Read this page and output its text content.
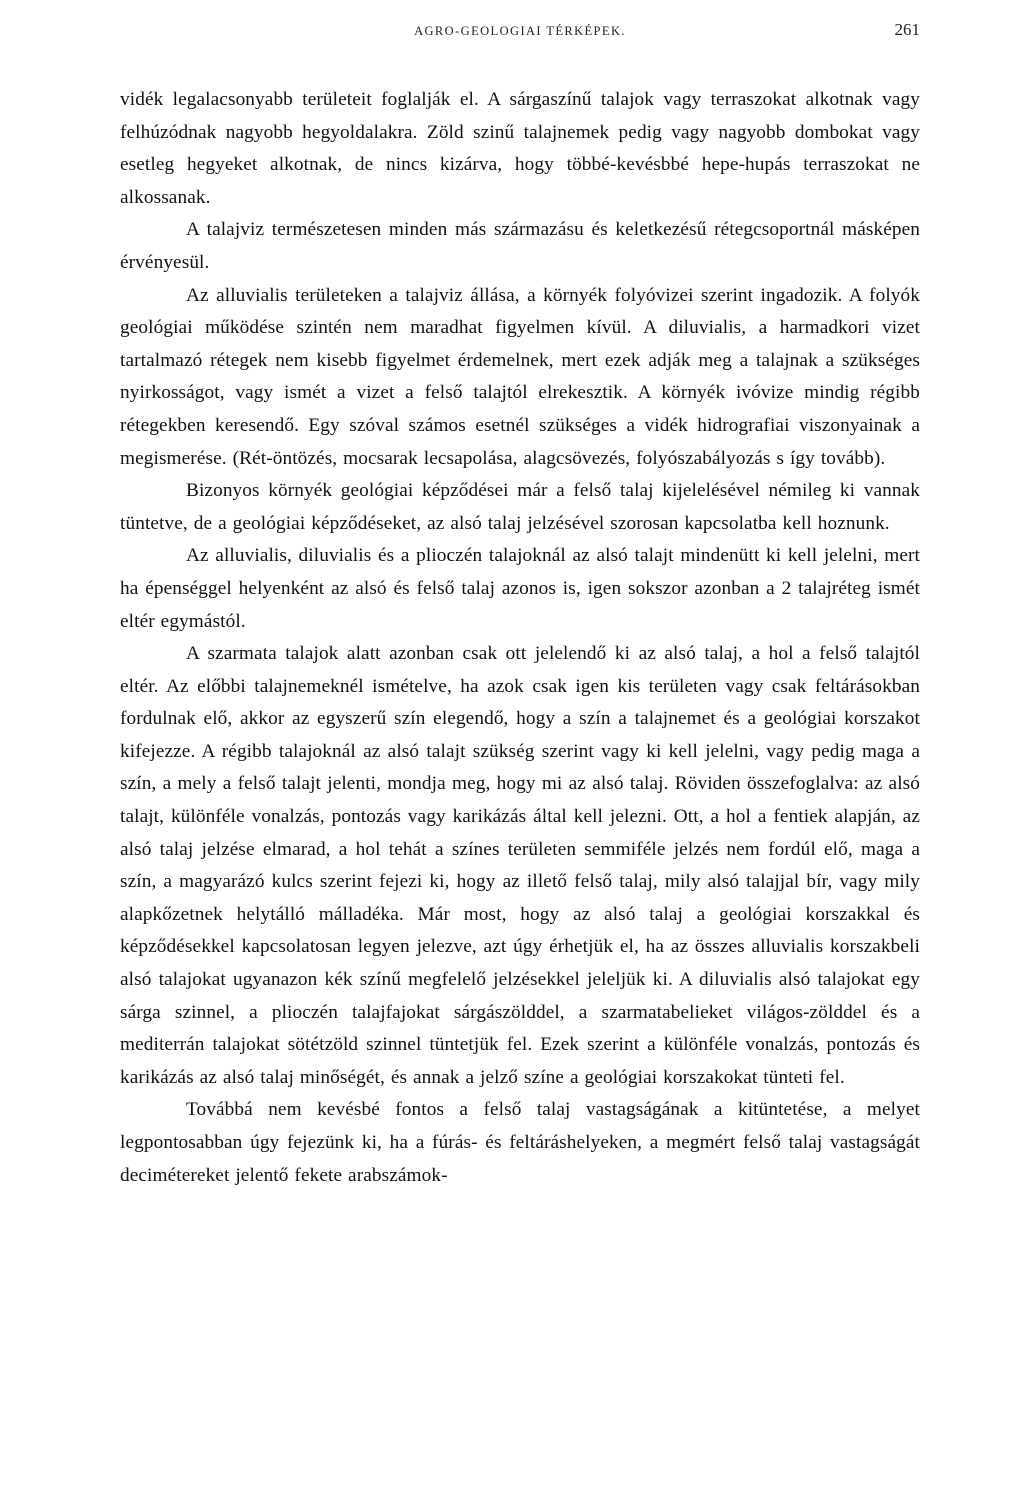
AGRO-GEOLOGIAI TÉRKÉPEK.	261

vidék legalacsonyabb területeit foglalják el. A sárgaszínű talajok vagy terraszokat alkotnak vagy felhúzódnak nagyobb hegyoldalakra. Zöld szinű talajnemek pedig vagy nagyobb dombokat vagy esetleg hegyeket alkotnak, de nincs kizárva, hogy többé-kevésbbé hepe-hupás terraszokat ne alkossanak.

A talajviz természetesen minden más származásu és keletkezésű rétegcsoportnál másképen érvényesül.

Az alluvialis területeken a talajviz állása, a környék folyóvizei szerint ingadozik. A folyók geológiai működése szintén nem maradhat figyelmen kívül. A diluvialis, a harmadkori vizet tartalmazó rétegek nem kisebb figyelmet érdemelnek, mert ezek adják meg a talajnak a szükséges nyirkosságot, vagy ismét a vizet a felső talajtól elrekesztik. A környék ivóvize mindig régibb rétegekben keresendő. Egy szóval számos esetnél szükséges a vidék hidrografiai viszonyainak a megismerése. (Rét-öntözés, mocsarak lecsapolása, alagcsövezés, folyószabályozás s így tovább).

Bizonyos környék geológiai képződései már a felső talaj kijelelésével némileg ki vannak tüntetve, de a geológiai képződéseket, az alsó talaj jelzésével szorosan kapcsolatba kell hoznunk.

Az alluvialis, diluvialis és a plioczén talajoknál az alsó talajt mindenütt ki kell jelelni, mert ha épenséggel helyenként az alsó és felső talaj azonos is, igen sokszor azonban a 2 talajréteg ismét eltér egymástól.

A szarmata talajok alatt azonban csak ott jelelendő ki az alsó talaj, a hol a felső talajtól eltér. Az előbbi talajnemeknél ismételve, ha azok csak igen kis területen vagy csak feltárásokban fordulnak elő, akkor az egyszerű szín elegendő, hogy a szín a talajnemet és a geológiai korszakot kifejezze. A régibb talajoknál az alsó talajt szükség szerint vagy ki kell jelelni, vagy pedig maga a szín, a mely a felső talajt jelenti, mondja meg, hogy mi az alsó talaj. Röviden összefoglalva: az alsó talajt, különféle vonalzás, pontozás vagy karikázás által kell jelezni. Ott, a hol a fentiek alapján, az alsó talaj jelzése elmarad, a hol tehát a színes területen semmiféle jelzés nem fordúl elő, maga a szín, a magyarázó kulcs szerint fejezi ki, hogy az illető felső talaj, mily alsó talajjal bír, vagy mily alapkőzetnek helytálló málladéka. Már most, hogy az alsó talaj a geológiai korszakkal és képződésekkel kapcsolatosan legyen jelezve, azt úgy érhetjük el, ha az összes alluvialis korszakbeli alsó talajokat ugyanazon kék színű megfelelő jelzésekkel jeleljük ki. A diluvialis alsó talajokat egy sárga szinnel, a plioczén talajfajokat sárgászölddel, a szarmatabelieket világos-zölddel és a mediterrán talajokat sötétzöld szinnel tüntetjük fel. Ezek szerint a különféle vonalzás, pontozás és karikázás az alsó talaj minőségét, és annak a jelző színe a geológiai korszakokat tünteti fel.

Továbbá nem kevésbé fontos a felső talaj vastagságának a kitüntetése, a melyet legpontosabban úgy fejezünk ki, ha a fúrás- és feltáráshelyeken, a megmért felső talaj vastagságát decimétereket jelentő fekete arabszámok-
